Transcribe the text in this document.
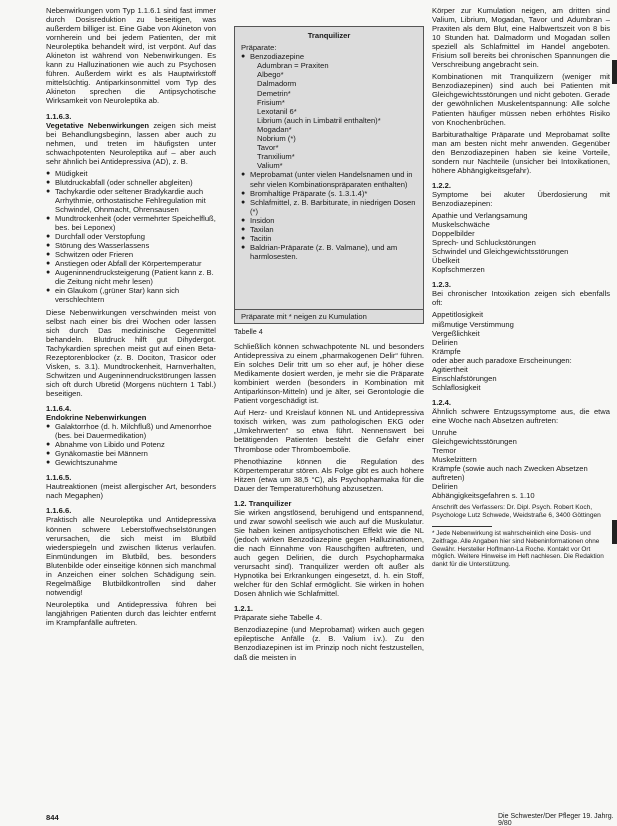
Nebenwirkungen vom Typ 1.1.6.1 sind fast immer durch Dosisreduktion zu beseitigen, was außerdem billiger ist. Eine Gabe von Akineton von vornherein und bei jedem Patienten, der mit Neuroleptika behandelt wird, ist verpönt. Auf das Akineton ist während von Nebenwirkungen. Es kann zu Halluzinationen wie auch zu Psychosen führen. Außerdem wirkt es als Hauptwirkstoff mittelsüchtig. Antiparkinsonmittel vom Typ des Akineton sprechen die Antipsychotische Wirksamkeit von Neuroleptika ab.

1.1.6.3.

Vegetative Nebenwirkungen zeigen sich meist bei Behandlungsbeginn, lassen aber auch zu nehmen, und treten im häufigsten unter schwachpotenten Neuroleptika auf – aber auch sehr ähnlich bei Antidepressiva (AD), z. B.

● Müdigkeit
● Blutdruckabfall (oder schneller abgleiten)
● Tachykardie oder seltener Bradykardie auch Arrhythmie, orthostatische Fehlregulation mit Schwindel, Ohnmacht, Ohrensausen
● Mundtrockenheit (oder vermehrter Speichelfluß, bes. bei Leponex)
● Durchfall oder Verstopfung
● Störung des Wasserlassens
● Schwitzen oder Frieren
● Anstiegen oder Abfall der Körpertemperatur
● Augeninnendrucksteigerung (Patient kann z. B. die Zeitung nicht mehr lesen)
● ein Glaukom (,grüner Star) kann sich verschlechtern

Diese Nebenwirkungen verschwinden meist von selbst nach einer bis drei Wochen oder lassen sich durch Das medizinische Gegenmittel behandeln. Blutdruck hilft gut Dihydergot. Tachykardien sprechen meist gut auf einen Beta-Rezeptorenblocker (z. B. Dociton, Trasicor oder Visken, s. 3.1). Mundtrockenheit, Harnverhalten, Schwitzen und Augeninnendruckstörungen lassen sich oft durch Ubretid (Morgens nüchtern 1 Tabl.) beseitigen.

1.1.6.4.

Endokrine Nebenwirkungen

● Galaktorrhoe (d. h. Milchfluß) und Amenorrhoe (bes. bei Dauermedikation)
● Abnahme von Libido und Potenz
● Gynäkomastie bei Männern
● Gewichtszunahme
1.1.6.5.

Hautreaktionen (meist allergischer Art, besonders nach Megaphen)

1.1.6.6.

Praktisch alle Neuroleptika und Antidepressiva können schwere Leberstoffwechselstörungen verursachen, die sich meist im Blutbild wiederspiegeln und zwischen Ikterus verlaufen. Einmündungen im Blutbild, bes. besonders Blutenbilde oder einseitige können sich manchmal in Anzeichen einer solchen Schädigung sein. Regelmäßige Blutbildkontrollen sind daher notwendig!

Neuroleptika und Antidepressiva führen bei langjährigen Patienten durch das leichter entfernt im Krampfanfälle auftreten.

Tranquilizer
Präparate:
● Benzodiazepine
Adumbran = Praxiten
Albego*
Dalmadorm
Demetrin*
Frisium*
Lexotanil 6*
Librium (auch in Limbatril enthalten)*
Mogadan*
Nobrium (*)
Tavor*
Tranxilium*
Valium*
● Meprobamat (unter vielen Handelsnamen und in sehr vielen Kombinationspräparaten enthalten)
● Bromhaltige Präparate (s. 1.3.1.4)*
● Schlafmittel, z. B. Barbiturate, in niedrigen Dosen (*)
● Insidon
● Taxilan
● Tacitin
● Baldrian-Präparate (z. B. Valmane), und am harmlosesten.
Präparate mit * neigen zu Kumulation
Tabelle 4

Schließlich können schwachpotente NL und besonders Antidepressiva zu einem „pharmakogenen Delir“ führen. Ein solches Delir tritt um so eher auf, je höher diese Medikamente dosiert werden, je mehr sie die Präparate kombiniert werden (besonders in Kombination mit Antiparkinson-Mitteln) und je älter, sei Gerontologie die Patient vorgeschädigt ist.

Auf Herz- und Kreislauf können NL und Antidepressiva toxisch wirken, was zum pathologischen EKG oder „Umkehrwerten“ so etwa führt. Nennenswert bei betätigenden Patienten besteht die Gefahr einer Thrombose oder Thromboembolie.

Phenothiazine können die Regulation des Körpertemperatur stören. Als Folge gibt es auch höhere Hitzen (etwa um 38,5 °C), als Psychopharmaka für die Dauer der Temperaturerhöhung abzusetzen.

1.2. Tranquilizer

Sie wirken angstlösend, beruhigend und entspannend, und zwar sowohl seelisch wie auch auf die Muskulatur. Sie haben keinen antipsychotischen Effekt wie die NL (jedoch wirken Benzodiazepine gegen Halluzinationen, die nach Einnahme von Rauschgiften auftreten, und auch gegen Delirien, die durch Psychopharmaka verursacht sind). Tranquilizer werden oft außer als Hypnotika bei Erkrankungen eingesetzt, d. h. ein Stoff, welcher für den Schlaf ermöglicht. Sie wirken in hohen Dosen ähnlich wie Schlafmittel.

1.2.1.

Präparate siehe Tabelle 4.

Benzodiazepine (und Meprobamat) wirken auch gegen epileptische Anfälle (z. B. Valium i.v.). Zu den Benzodiazepinen ist im Prinzip noch nicht festzustellen, daß die meisten in

Körper zur Kumulation neigen, am dritten sind Valium, Librium, Mogadan, Tavor und Adumbran – Praxiten als dem Blut, eine Halbwertszeit von 8 bis 10 Stunden hat. Dalmadorm und Mogadan sollen speziell als Schlafmittel im Handel angeboten. Frisium soll bereits bei chronischen Spannungen die Verschreibung angebracht sein.

Kombinationen mit Tranquilizern (weniger mit Benzodiazepinen) sind auch bei Patienten mit Gleichgewichtsstörungen und nicht geboten. Gerade der gewöhnlichen Muskelentspannung: Alle solche Patienten häufiger müssen neben erhöhtes Risiko von Knochenbrüchen.

Barbiturathaltige Präparate und Meprobamat sollte man am besten nicht mehr anwenden. Gegenüber den Benzodiazepinen haben sie keine Vorteile, sondern nur Nachteile (unsicher bei Intoxikationen, höhere Abhängigkeitsgefahr).

1.2.2.

Symptome bei akuter Überdosierung mit Benzodiazepinen:

Apathie und Verlangsamung
Muskelschwäche
Doppelbilder
Sprech- und Schluckstörungen
Schwindel und Gleichgewichtsstörungen
Übelkeit
Kopfschmerzen
1.2.3.

Bei chronischer Intoxikation zeigen sich ebenfalls oft:

Appetitlosigkeit
mißmutige Verstimmung
Vergeßlichkeit
Delirien
Krämpfe
oder aber auch paradoxe Erscheinungen:
Agitiertheit
Einschlafstörungen
Schlaflosigkeit
1.2.4.

Ähnlich schwere Entzugssymptome aus, die etwa eine Woche nach Absetzen auftreten:

Unruhe
Gleichgewichtsstörungen
Tremor
Muskelzittern
Krämpfe (sowie auch nach Zwecken Absetzen auftreten)
Delirien
Abhängigkeitsgefahren s. 1.10
Anschrift des Verfassers: Dr. Dipl. Psych. Robert Koch, Psychologe Lutz Schwede, Weidstraße 6, 3400 Göttingen
* Jede Nebenwirkung ist wahrscheinlich eine Dosis- und Zeitfrage. Alle Angaben hier sind Nebeninformationen ohne Gewähr. Hersteller Hoffmann-La Roche. Kontakt vor Ort möglich. Weitere Hinweise im Heft nachlesen. Die Redaktion dankt für die Unterstützung.
844	Die Schwester/Der Pfleger 19. Jahrg. 9/80
